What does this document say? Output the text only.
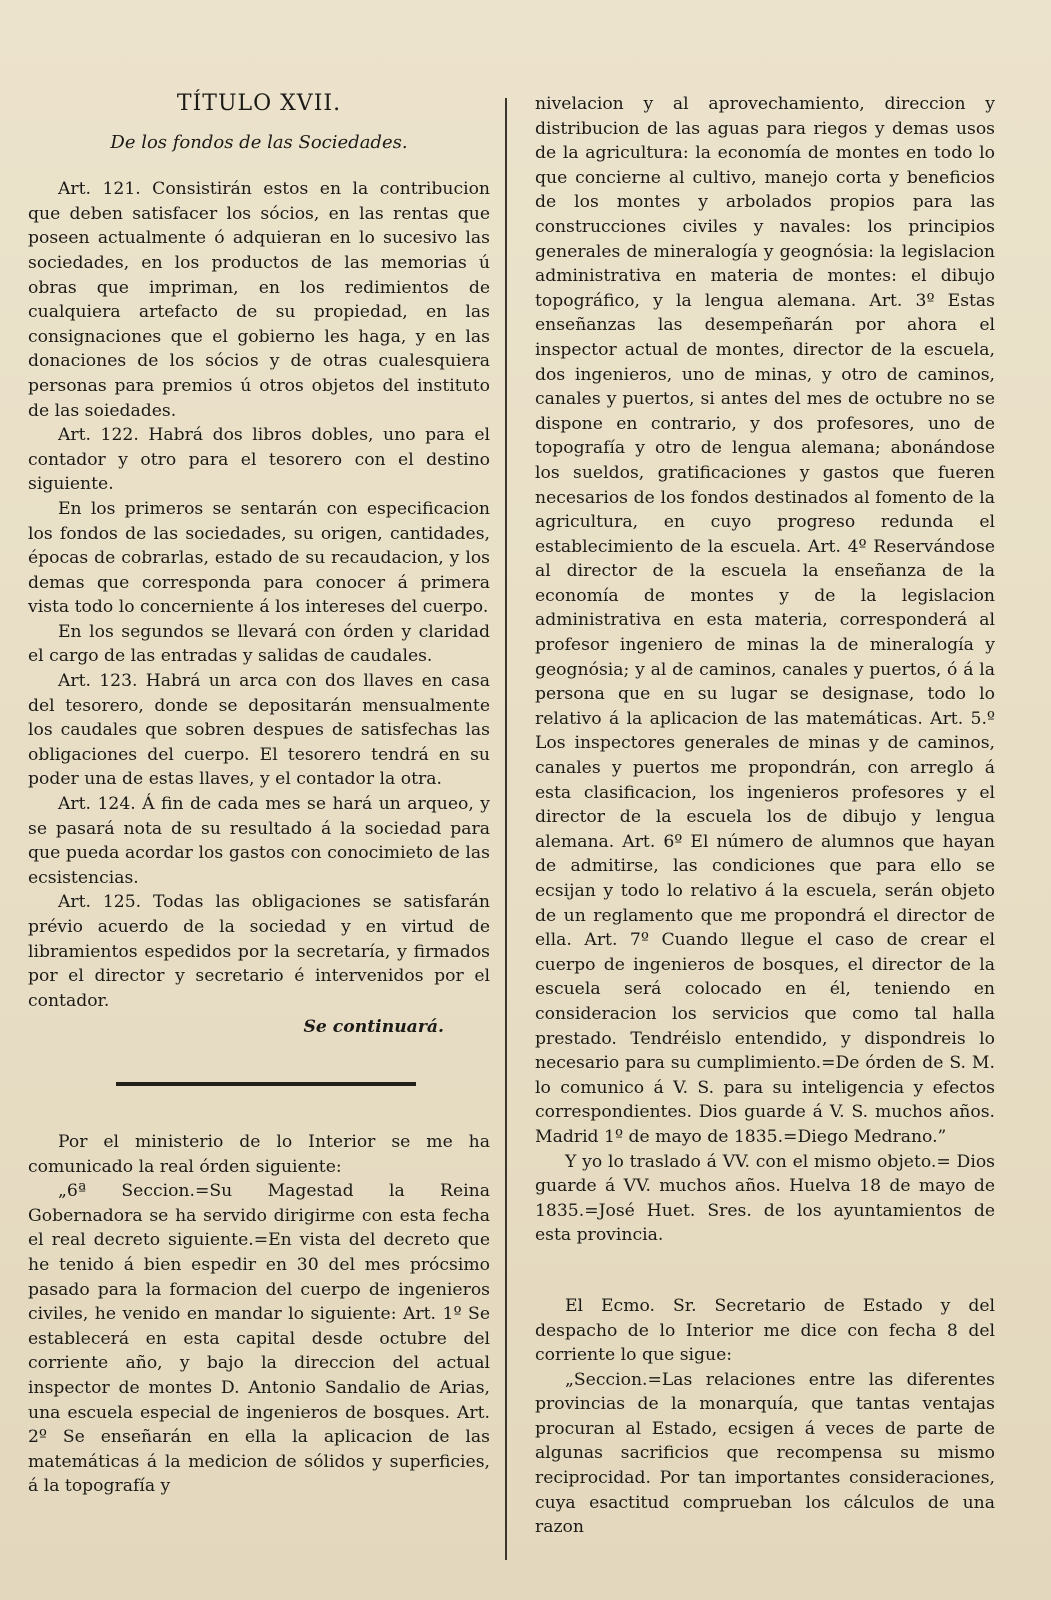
TÍTULO XVII.

De los fondos de las Sociedades.

Art. 121. Consistirán estos en la contribucion que deben satisfacer los sócios, en las rentas que poseen actualmente ó adquieran en lo sucesivo las sociedades, en los productos de las memorias ú obras que impriman, en los redimientos de cualquiera artefacto de su propiedad, en las consignaciones que el gobierno les haga, y en las donaciones de los sócios y de otras cualesquiera personas para premios ú otros objetos del instituto de las soiedades.

Art. 122. Habrá dos libros dobles, uno para el contador y otro para el tesorero con el destino siguiente.

En los primeros se sentarán con especificacion los fondos de las sociedades, su origen, cantidades, épocas de cobrarlas, estado de su recaudacion, y los demas que corresponda para conocer á primera vista todo lo concerniente á los intereses del cuerpo.

En los segundos se llevará con órden y claridad el cargo de las entradas y salidas de caudales.

Art. 123. Habrá un arca con dos llaves en casa del tesorero, donde se depositarán mensualmente los caudales que sobren despues de satisfechas las obligaciones del cuerpo. El tesorero tendrá en su poder una de estas llaves, y el contador la otra.

Art. 124. Á fin de cada mes se hará un arqueo, y se pasará nota de su resultado á la sociedad para que pueda acordar los gastos con conocimieto de las ecsistencias.

Art. 125. Todas las obligaciones se satisfarán prévio acuerdo de la sociedad y en virtud de libramientos espedidos por la secretaría, y firmados por el director y secretario é intervenidos por el contador.

Se continuará.

Por el ministerio de lo Interior se me ha comunicado la real órden siguiente:

„6ª Seccion.=Su Magestad la Reina Gobernadora se ha servido dirigirme con esta fecha el real decreto siguiente.=En vista del decreto que he tenido á bien espedir en 30 del mes prócsimo pasado para la formacion del cuerpo de ingenieros civiles, he venido en mandar lo siguiente: Art. 1º Se establecerá en esta capital desde octubre del corriente año, y bajo la direccion del actual inspector de montes D. Antonio Sandalio de Arias, una escuela especial de ingenieros de bosques. Art. 2º Se enseñarán en ella la aplicacion de las matemáticas á la medicion de sólidos y superficies, á la topografía y

nivelacion y al aprovechamiento, direccion y distribucion de las aguas para riegos y demas usos de la agricultura: la economía de montes en todo lo que concierne al cultivo, manejo corta y beneficios de los montes y arbolados propios para las construcciones civiles y navales: los principios generales de mineralogía y geognósia: la legislacion administrativa en materia de montes: el dibujo topográfico, y la lengua alemana. Art. 3º Estas enseñanzas las desempeñarán por ahora el inspector actual de montes, director de la escuela, dos ingenieros, uno de minas, y otro de caminos, canales y puertos, si antes del mes de octubre no se dispone en contrario, y dos profesores, uno de topografía y otro de lengua alemana; abonándose los sueldos, gratificaciones y gastos que fueren necesarios de los fondos destinados al fomento de la agricultura, en cuyo progreso redunda el establecimiento de la escuela. Art. 4º Reservándose al director de la escuela la enseñanza de la economía de montes y de la legislacion administrativa en esta materia, corresponderá al profesor ingeniero de minas la de mineralogía y geognósia; y al de caminos, canales y puertos, ó á la persona que en su lugar se designase, todo lo relativo á la aplicacion de las matemáticas. Art. 5.º Los inspectores generales de minas y de caminos, canales y puertos me propondrán, con arreglo á esta clasificacion, los ingenieros profesores y el director de la escuela los de dibujo y lengua alemana. Art. 6º El número de alumnos que hayan de admitirse, las condiciones que para ello se ecsijan y todo lo relativo á la escuela, serán objeto de un reglamento que me propondrá el director de ella. Art. 7º Cuando llegue el caso de crear el cuerpo de ingenieros de bosques, el director de la escuela será colocado en él, teniendo en consideracion los servicios que como tal halla prestado. Tendréislo entendido, y dispondreis lo necesario para su cumplimiento.=De órden de S. M. lo comunico á V. S. para su inteligencia y efectos correspondientes. Dios guarde á V. S. muchos años. Madrid 1º de mayo de 1835.=Diego Medrano.”

Y yo lo traslado á VV. con el mismo objeto.= Dios guarde á VV. muchos años. Huelva 18 de mayo de 1835.=José Huet. Sres. de los ayuntamientos de esta provincia.

El Ecmo. Sr. Secretario de Estado y del despacho de lo Interior me dice con fecha 8 del corriente lo que sigue:

„Seccion.=Las relaciones entre las diferentes provincias de la monarquía, que tantas ventajas procuran al Estado, ecsigen á veces de parte de algunas sacrificios que recompensa su mismo reciprocidad. Por tan importantes consideraciones, cuya esactitud comprueban los cálculos de una razon
